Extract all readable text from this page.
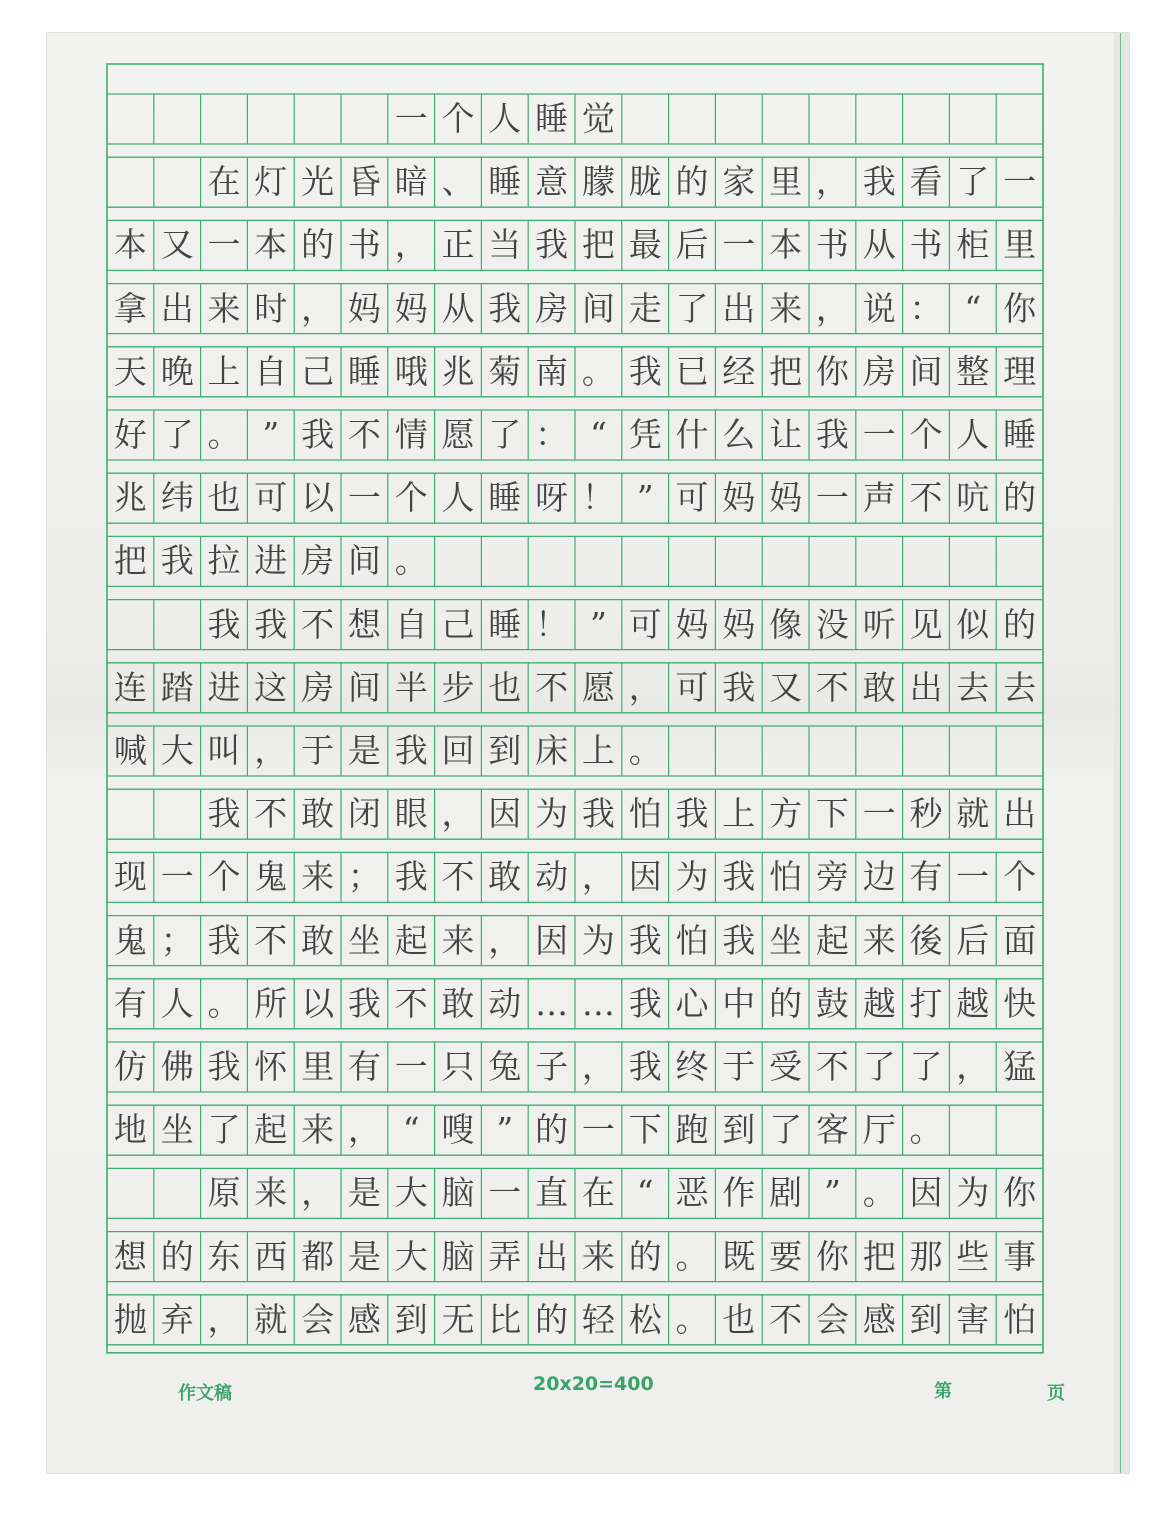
一 个 人 睡 觉
在 灯 光 昏 暗 、 睡 意 朦 胧 的 家 里 ， 我 看 了 一
本 又 一 本 的 书 ， 正 当 我 把 最 后 一 本 书 从 书 柜 里
拿 出 来 时 ， 妈 妈 从 我 房 间 走 了 出 来 ， 说 ： “ 你
天 晚 上 自 己 睡 哦 兆 菊 南 。 我 已 经 把 你 房 间 整 理
好 了 。 ” 我 不 情 愿 了 ： “ 凭 什 么 让 我 一 个 人 睡
兆 纬 也 可 以 一 个 人 睡 呀 ！ ” 可 妈 妈 一 声 不 吭 的
把 我 拉 进 房 间 。
我 我 不 想 自 己 睡 ！ ” 可 妈 妈 像 没 听 见 似 的
连 踏 进 这 房 间 半 步 也 不 愿 ， 可 我 又 不 敢 出 去 去
喊 大 叫 ， 于 是 我 回 到 床 上 。
我 不 敢 闭 眼 ， 因 为 我 怕 我 上 方 下 一 秒 就 出
现 一 个 鬼 来 ； 我 不 敢 动 ， 因 为 我 怕 旁 边 有 一 个
鬼 ； 我 不 敢 坐 起 来 ， 因 为 我 怕 我 坐 起 来 後 后 面
有 人 。 所 以 我 不 敢 动 … … 我 心 中 的 鼓 越 打 越 快
仿 佛 我 怀 里 有 一 只 兔 子 ， 我 终 于 受 不 了 了 ， 猛
地 坐 了 起 来 ， “ 嗖 ” 的 一 下 跑 到 了 客 厅 。
原 来 ， 是 大 脑 一 直 在 “ 恶 作 剧 ” 。 因 为 你
想 的 东 西 都 是 大 脑 弄 出 来 的 。 既 要 你 把 那 些 事
抛 弃 ， 就 会 感 到 无 比 的 轻 松 。 也 不 会 感 到 害 怕
作文稿	20x20=400	第	页
